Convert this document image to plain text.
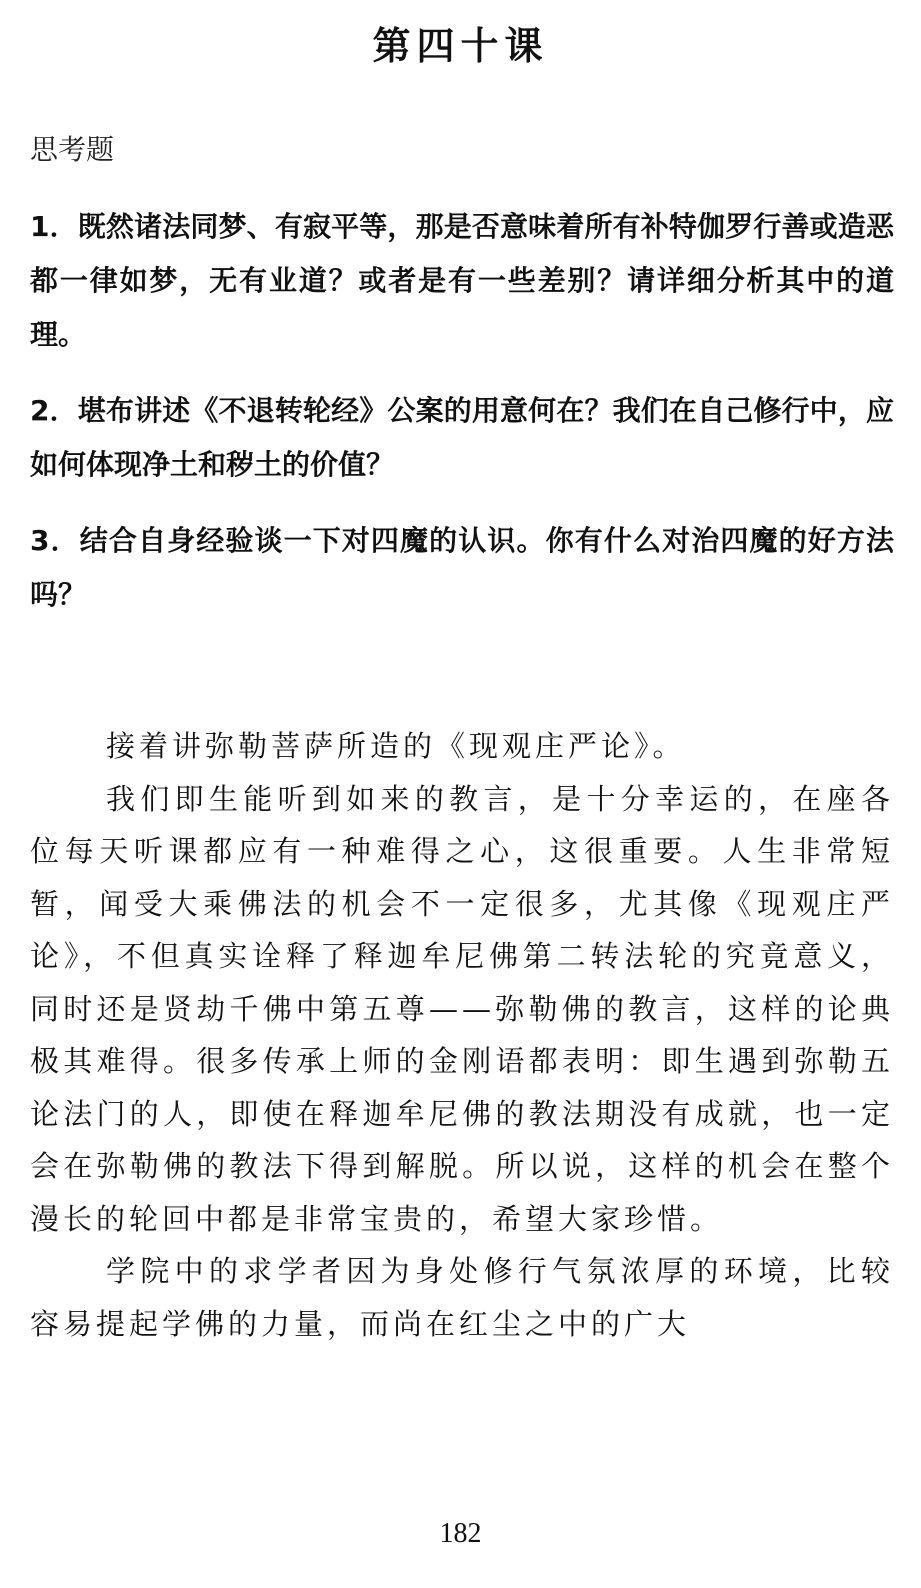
第四十课
思考题

1．既然诸法同梦、有寂平等，那是否意味着所有补特伽罗行善或造恶都一律如梦，无有业道？或者是有一些差别？请详细分析其中的道理。

2．堪布讲述《不退转轮经》公案的用意何在？我们在自己修行中，应如何体现净土和秽土的价值？

3．结合自身经验谈一下对四魔的认识。你有什么对治四魔的好方法吗？

接着讲弥勒菩萨所造的《现观庄严论》。

我们即生能听到如来的教言，是十分幸运的，在座各位每天听课都应有一种难得之心，这很重要。人生非常短暂，闻受大乘佛法的机会不一定很多，尤其像《现观庄严论》，不但真实诠释了释迦牟尼佛第二转法轮的究竟意义，同时还是贤劫千佛中第五尊——弥勒佛的教言，这样的论典极其难得。很多传承上师的金刚语都表明：即生遇到弥勒五论法门的人，即使在释迦牟尼佛的教法期没有成就，也一定会在弥勒佛的教法下得到解脱。所以说，这样的机会在整个漫长的轮回中都是非常宝贵的，希望大家珍惜。

学院中的求学者因为身处修行气氛浓厚的环境，比较容易提起学佛的力量，而尚在红尘之中的广大

182
